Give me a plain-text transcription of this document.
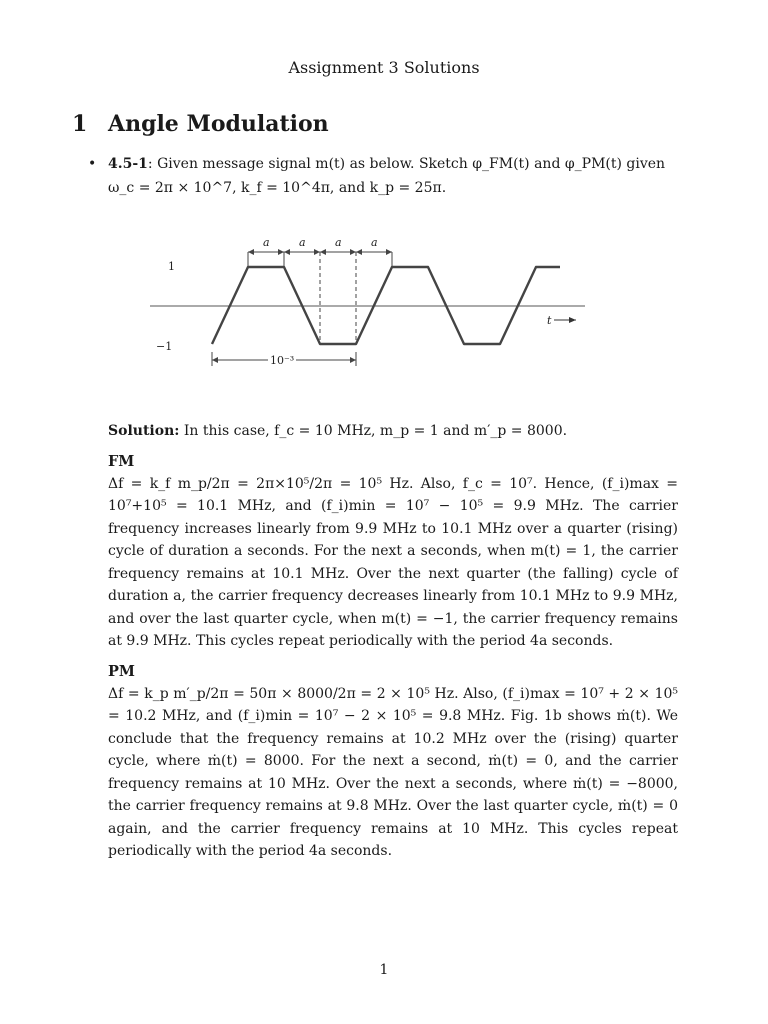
Assignment 3 Solutions
1 Angle Modulation
• 4.5-1: Given message signal m(t) as below. Sketch φ_FM(t) and φ_PM(t) given ω_c = 2π × 10^7, k_f = 10^4π, and k_p = 25π.
t
1
−1
a	a	a	a
10⁻³
Solution: In this case, f_c = 10 MHz, m_p = 1 and m′_p = 8000.
FM
Δf = k_f m_p/2π = 2π×10⁵/2π = 10⁵ Hz. Also, f_c = 10⁷. Hence, (f_i)max = 10⁷+10⁵ = 10.1 MHz, and (f_i)min = 10⁷ − 10⁵ = 9.9 MHz. The carrier frequency increases linearly from 9.9 MHz to 10.1 MHz over a quarter (rising) cycle of duration a seconds. For the next a seconds, when m(t) = 1, the carrier frequency remains at 10.1 MHz. Over the next quarter (the falling) cycle of duration a, the carrier frequency decreases linearly from 10.1 MHz to 9.9 MHz, and over the last quarter cycle, when m(t) = −1, the carrier frequency remains at 9.9 MHz. This cycles repeat periodically with the period 4a seconds.
PM
Δf = k_p m′_p/2π = 50π × 8000/2π = 2 × 10⁵ Hz. Also, (f_i)max = 10⁷ + 2 × 10⁵ = 10.2 MHz, and (f_i)min = 10⁷ − 2 × 10⁵ = 9.8 MHz. Fig. 1b shows ṁ(t). We conclude that the frequency remains at 10.2 MHz over the (rising) quarter cycle, where ṁ(t) = 8000. For the next a second, ṁ(t) = 0, and the carrier frequency remains at 10 MHz. Over the next a seconds, where ṁ(t) = −8000, the carrier frequency remains at 9.8 MHz. Over the last quarter cycle, ṁ(t) = 0 again, and the carrier frequency remains at 10 MHz. This cycles repeat periodically with the period 4a seconds.
1
